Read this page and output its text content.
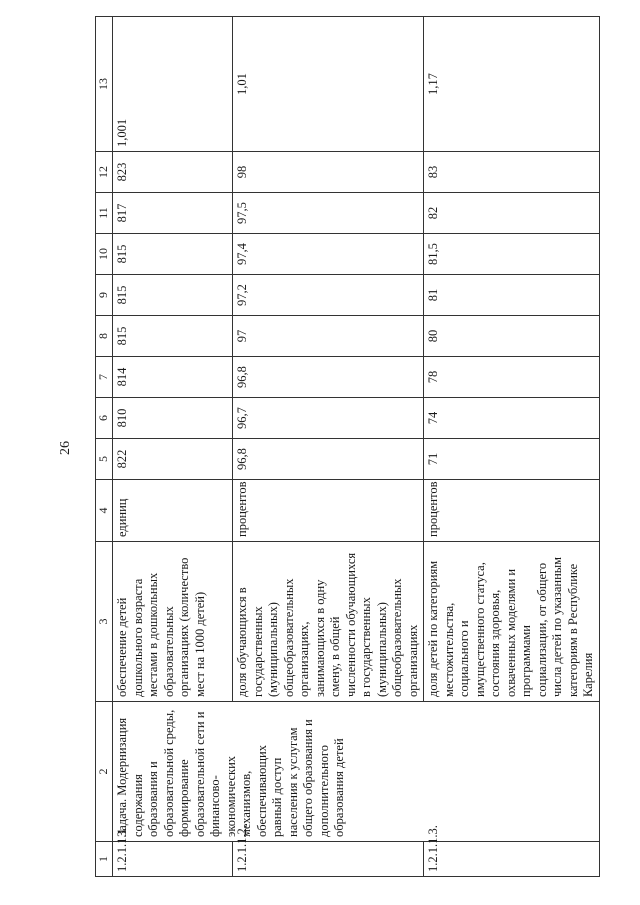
26
1	2	3	4	5	6	7	8	9	10	11	12	13
1.2.1.1.1.	Задача. Модернизация содержания образования и образовательной среды, формирование образовательной сети и финансово-экономических механизмов, обеспечивающих равный доступ населения к услугам общего образования и дополнительного образования детей	обеспечение детей дошкольного возраста местами в дошкольных образовательных организациях (количество мест на 1000 детей)	единиц	822	810	814	815	815	815	817	823	1,001
1.2.1.1.2.		доля обучающихся в государственных (муниципальных) общеобразовательных организациях, занимающихся в одну смену, в общей численности обучающихся в государственных (муниципальных) общеобразовательных организациях	процентов	96,8	96,7	96,8	97	97,2	97,4	97,5	98	1,01
1.2.1.1.3.		доля детей по категориям местожительства, социального и имущественного статуса, состояния здоровья, охваченных моделями и программами социализации, от общего числа детей по указанным категориям в Республике Карелия	процентов	71	74	78	80	81	81,5	82	83	1,17
